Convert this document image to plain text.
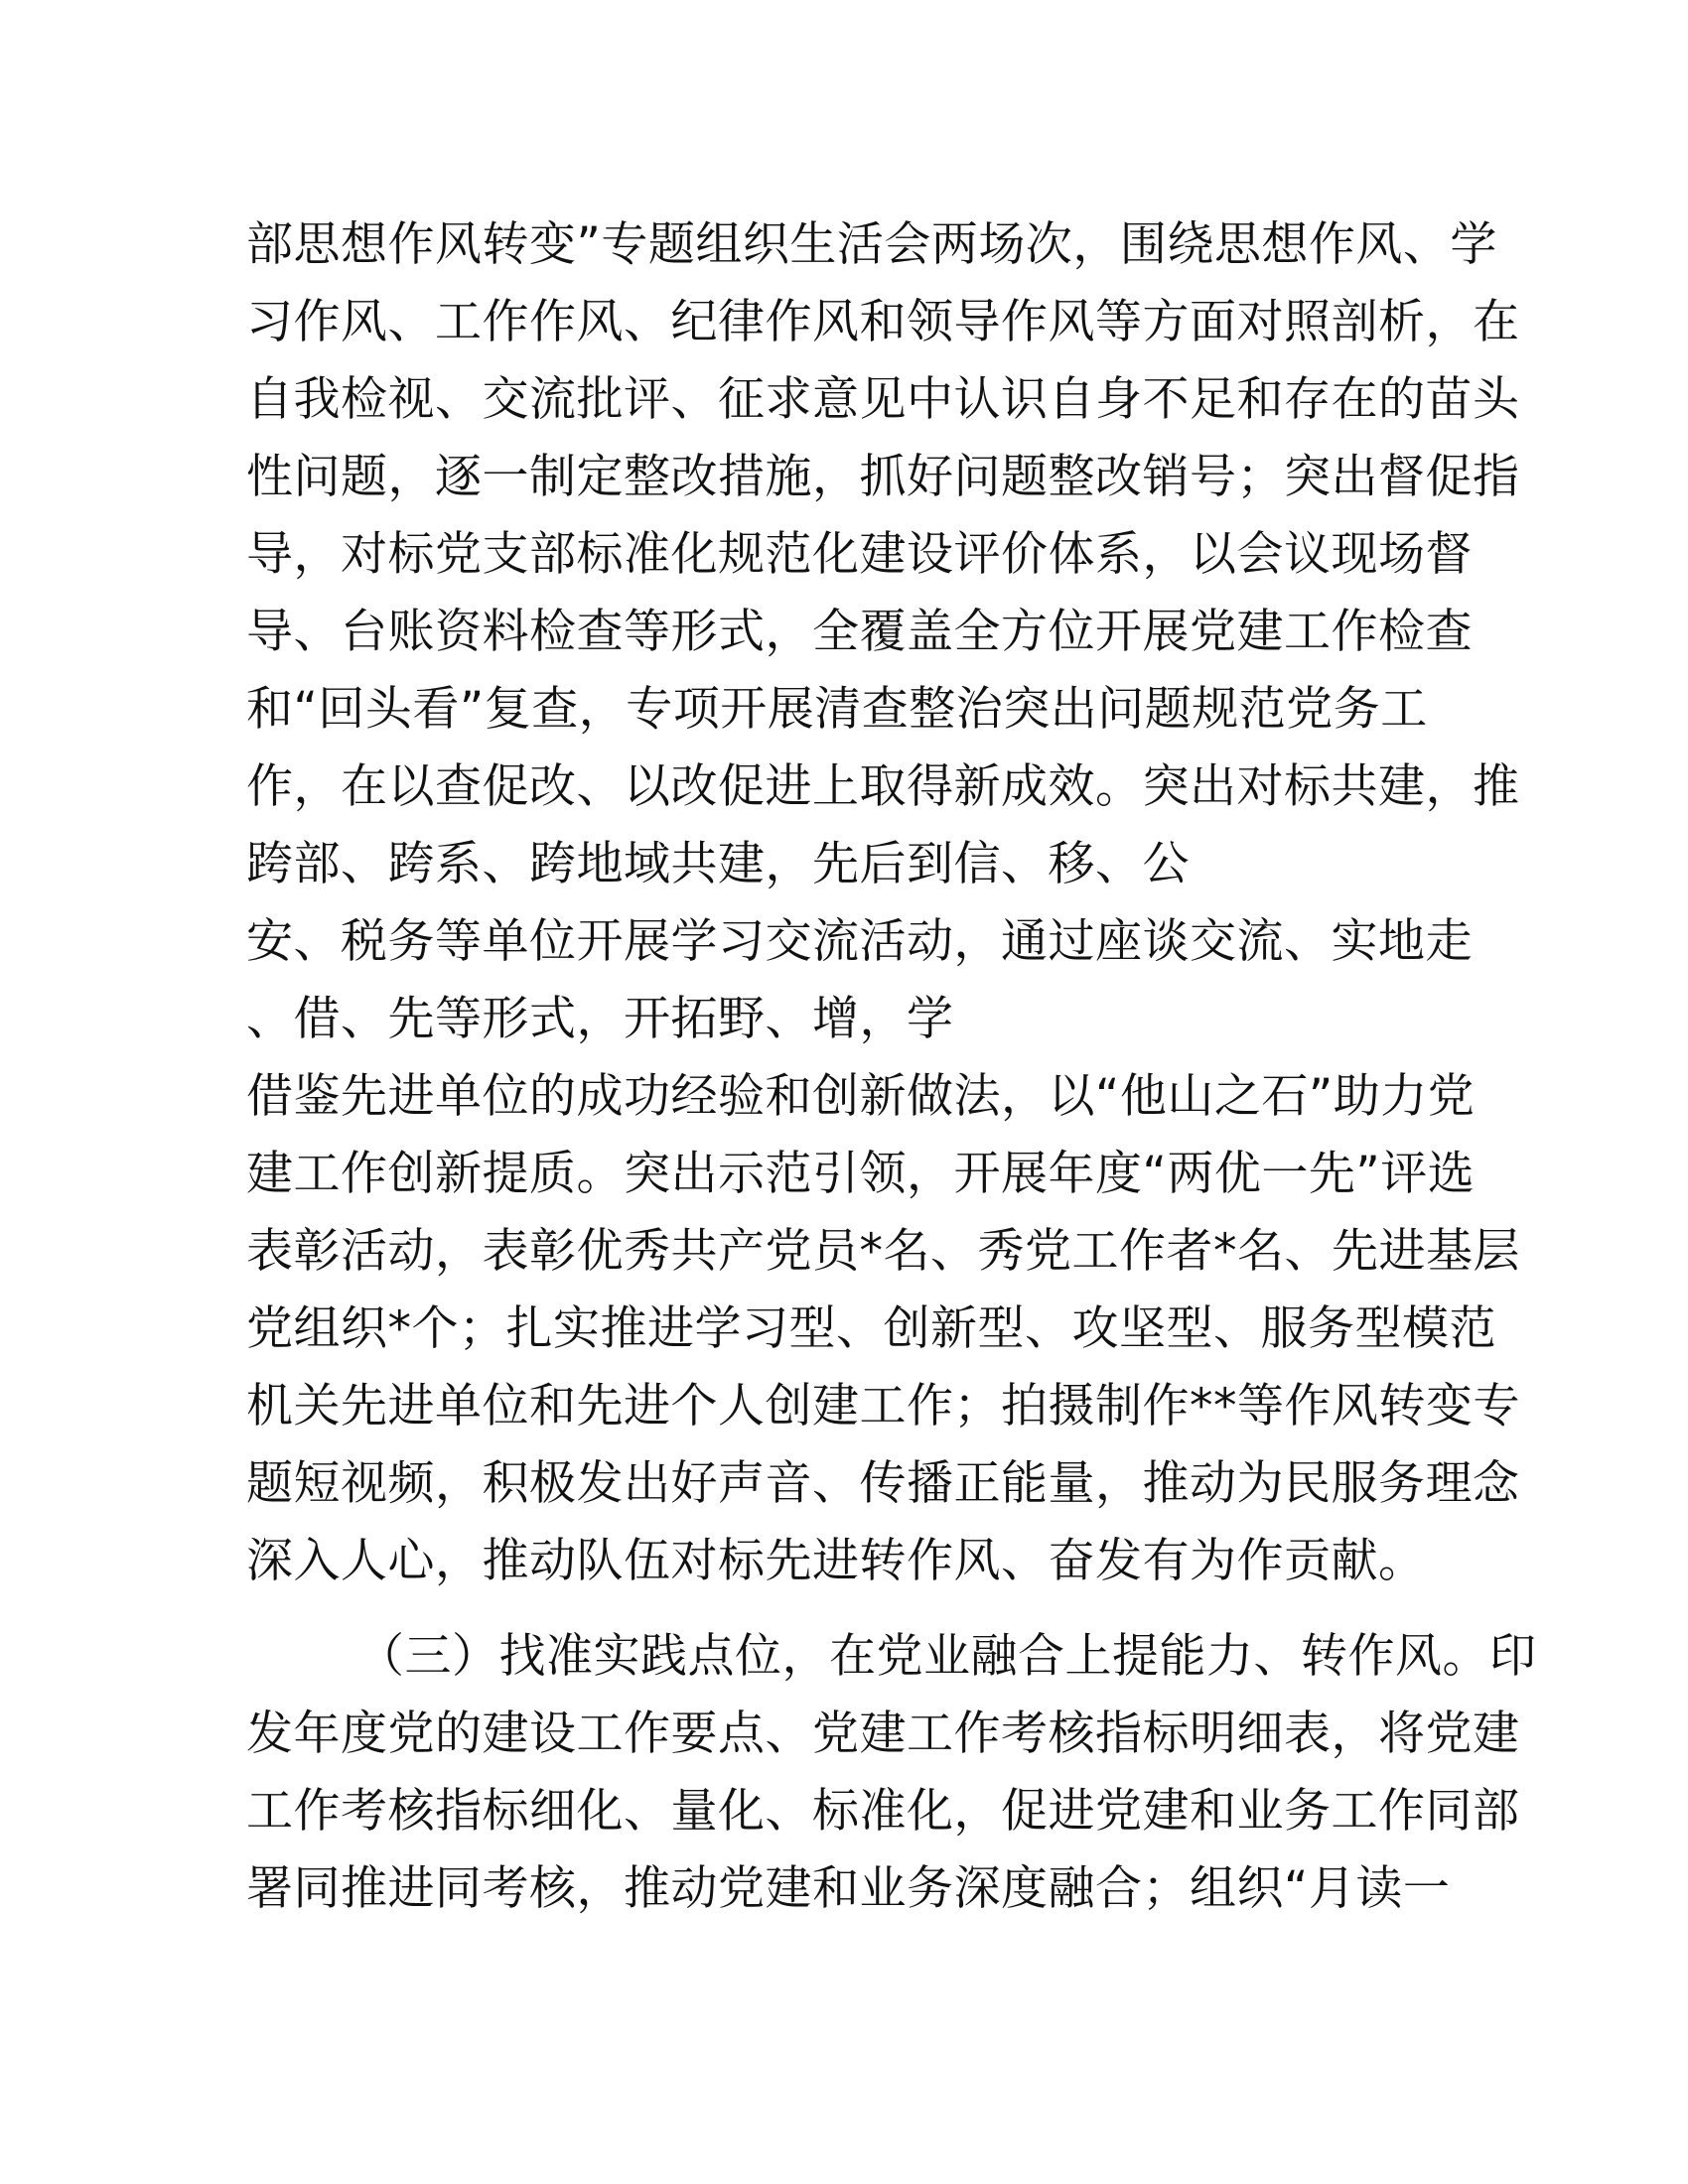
部思想作风转变”专题组织生活会两场次，围绕思想作风、学
习作风、工作作风、纪律作风和领导作风等方面对照剖析，在
自我检视、交流批评、征求意见中认识自身不足和存在的苗头
性问题，逐一制定整改措施，抓好问题整改销号；突出督促指
导，对标党支部标准化规范化建设评价体系，以会议现场督
导、台账资料检查等形式，全覆盖全方位开展党建工作检查
和“回头看”复查，专项开展清查整治突出问题规范党务工
作，在以查促改、以改促进上取得新成效。突出对标共建，推
跨部、跨系、跨地域共建，先后到信、移、公
安、税务等单位开展学习交流活动，通过座谈交流、实地走
、借、先等形式，开拓野、增，学
借鉴先进单位的成功经验和创新做法，以“他山之石”助力党
建工作创新提质。突出示范引领，开展年度“两优一先”评选
表彰活动，表彰优秀共产党员*名、秀党工作者*名、先进基层
党组织*个；扎实推进学习型、创新型、攻坚型、服务型模范
机关先进单位和先进个人创建工作；拍摄制作**等作风转变专
题短视频，积极发出好声音、传播正能量，推动为民服务理念
深入人心，推动队伍对标先进转作风、奋发有为作贡献。
（三）找准实践点位，在党业融合上提能力、转作风。印
发年度党的建设工作要点、党建工作考核指标明细表，将党建
工作考核指标细化、量化、标准化，促进党建和业务工作同部
署同推进同考核，推动党建和业务深度融合；组织“月读一
